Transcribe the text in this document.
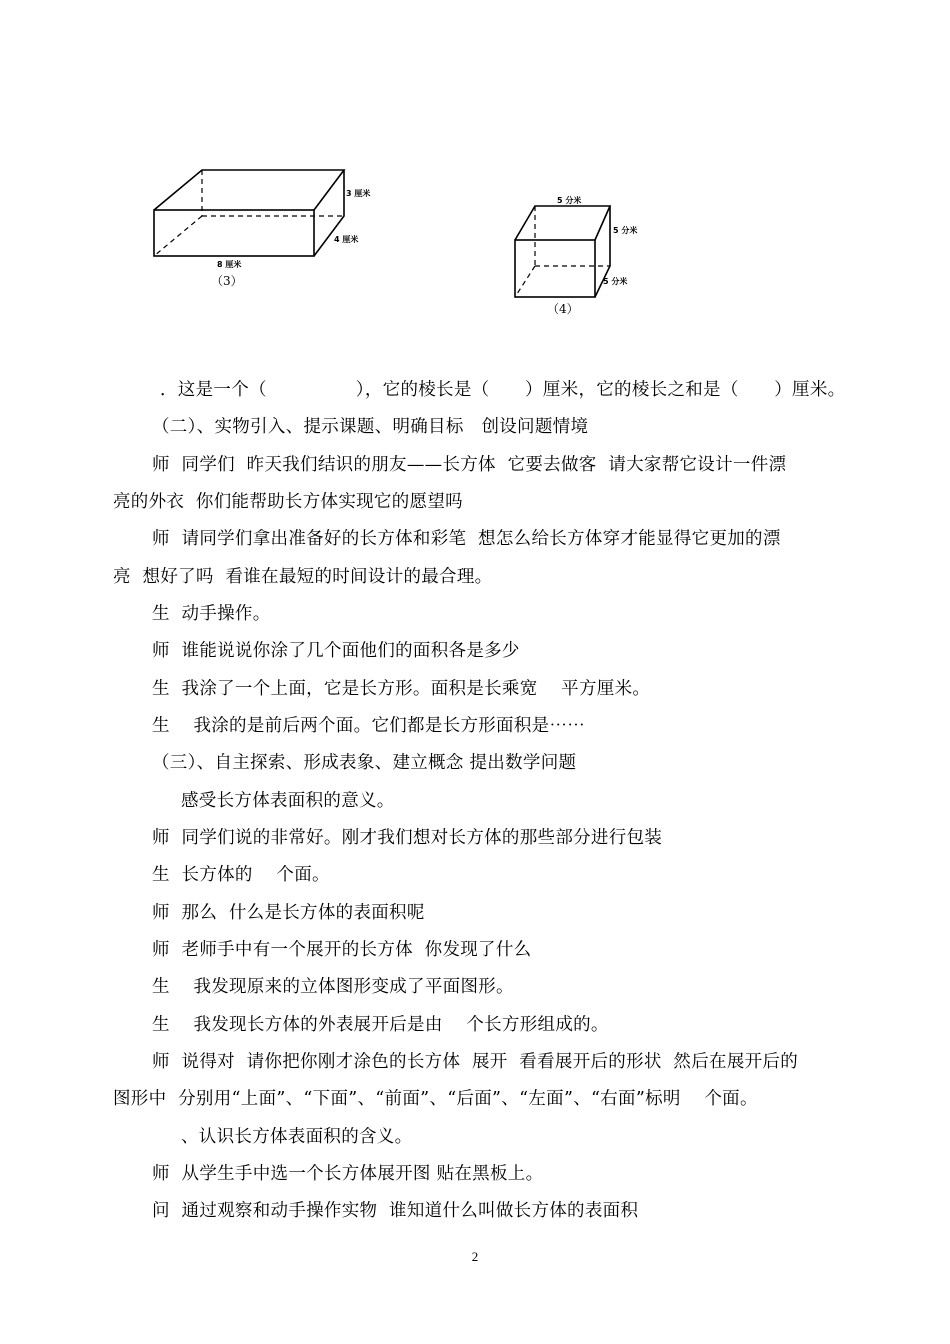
3 厘米
4 厘米
8 厘米
（3）
5 分米
5 分米
5 分米
（4）
．这是一个（　　　　　），它的棱长是（　　）厘米，它的棱长之和是（　　）厘米。
（二）、实物引入、提示课题、明确目标　创设问题情境
师  同学们  昨天我们结识的朋友——长方体  它要去做客  请大家帮它设计一件漂
亮的外衣  你们能帮助长方体实现它的愿望吗
师  请同学们拿出准备好的长方体和彩笔  想怎么给长方体穿才能显得它更加的漂
亮  想好了吗  看谁在最短的时间设计的最合理。
生  动手操作。
师  谁能说说你涂了几个面他们的面积各是多少
生  我涂了一个上面，它是长方形。面积是长乘宽　 平方厘米。
生　 我涂的是前后两个面。它们都是长方形面积是⋯⋯
（三）、自主探索、形成表象、建立概念 提出数学问题
感受长方体表面积的意义。
师  同学们说的非常好。刚才我们想对长方体的那些部分进行包装
生  长方体的　 个面。
师  那么  什么是长方体的表面积呢
师  老师手中有一个展开的长方体  你发现了什么
生　 我发现原来的立体图形变成了平面图形。
生　 我发现长方体的外表展开后是由　 个长方形组成的。
师  说得对  请你把你刚才涂色的长方体  展开  看看展开后的形状  然后在展开后的
图形中  分别用“上面”、“下面”、“前面”、“后面”、“左面”、“右面”标明　 个面。
、认识长方体表面积的含义。
师  从学生手中选一个长方体展开图 贴在黑板上。
问  通过观察和动手操作实物  谁知道什么叫做长方体的表面积
2
